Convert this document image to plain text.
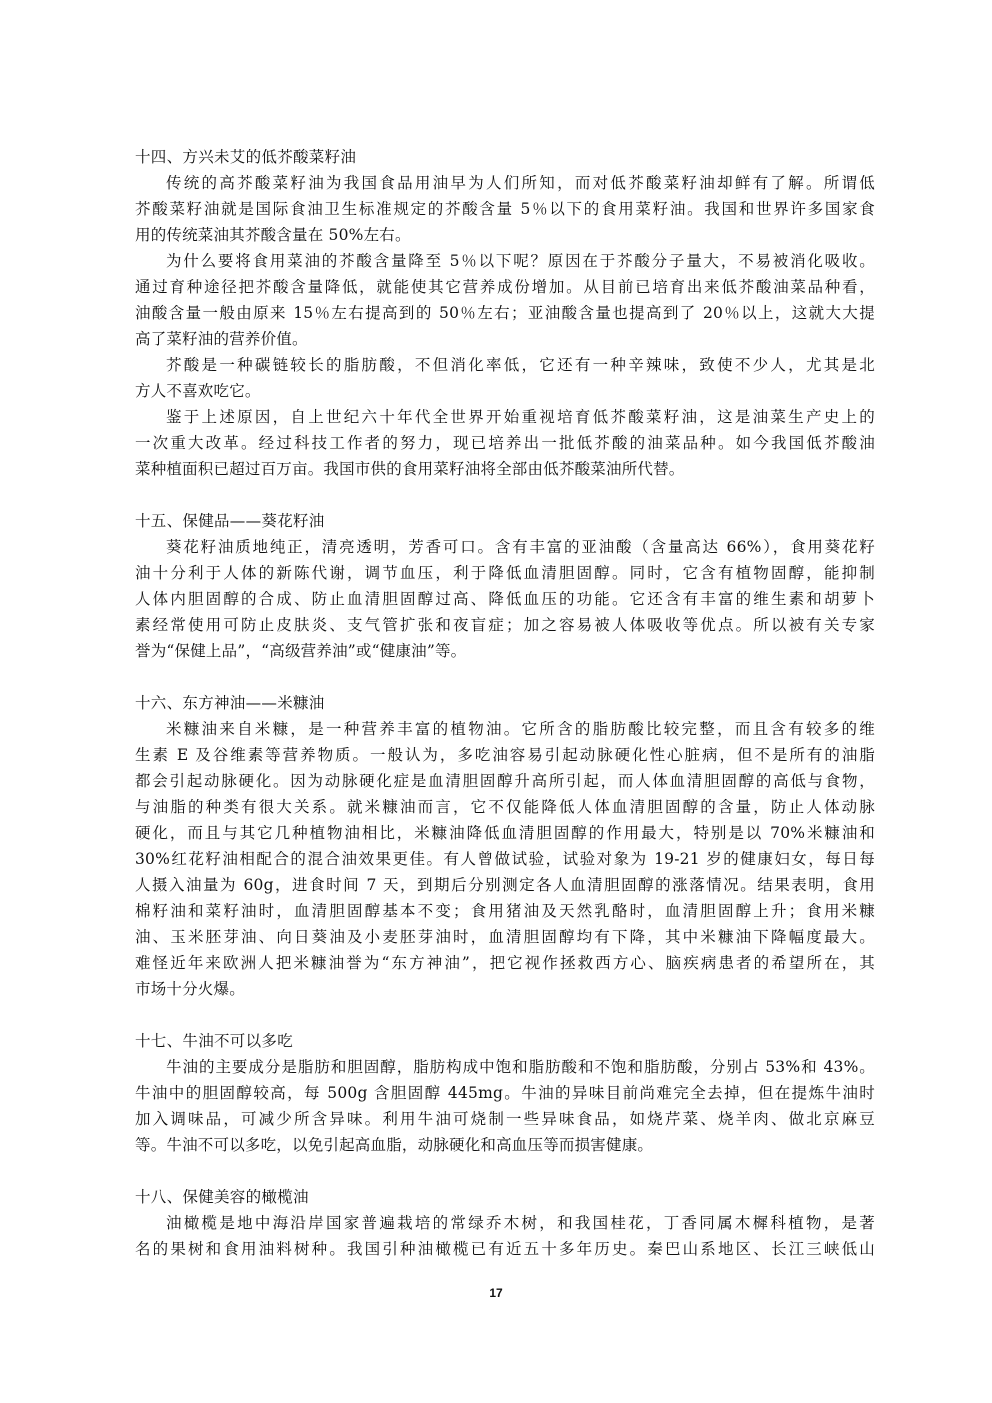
十四、方兴未艾的低芥酸菜籽油
传统的高芥酸菜籽油为我国食品用油早为人们所知，而对低芥酸菜籽油却鲜有了解。所谓低
芥酸菜籽油就是国际食油卫生标准规定的芥酸含量 5％以下的食用菜籽油。我国和世界许多国家食
用的传统菜油其芥酸含量在 50%左右。
为什么要将食用菜油的芥酸含量降至 5％以下呢？原因在于芥酸分子量大，不易被消化吸收。
通过育种途径把芥酸含量降低，就能使其它营养成份增加。从目前已培育出来低芥酸油菜品种看，
油酸含量一般由原来 15％左右提高到的 50％左右；亚油酸含量也提高到了 20％以上，这就大大提
高了菜籽油的营养价值。
芥酸是一种碳链较长的脂肪酸，不但消化率低，它还有一种辛辣味，致使不少人，尤其是北
方人不喜欢吃它。
鉴于上述原因，自上世纪六十年代全世界开始重视培育低芥酸菜籽油，这是油菜生产史上的
一次重大改革。经过科技工作者的努力，现已培养出一批低芥酸的油菜品种。如今我国低芥酸油
菜种植面积已超过百万亩。我国市供的食用菜籽油将全部由低芥酸菜油所代替。
十五、保健品——葵花籽油
葵花籽油质地纯正，清亮透明，芳香可口。含有丰富的亚油酸（含量高达 66%），食用葵花籽
油十分利于人体的新陈代谢，调节血压，利于降低血清胆固醇。同时，它含有植物固醇，能抑制
人体内胆固醇的合成、防止血清胆固醇过高、降低血压的功能。它还含有丰富的维生素和胡萝卜
素经常使用可防止皮肤炎、支气管扩张和夜盲症；加之容易被人体吸收等优点。所以被有关专家
誉为“保健上品”，“高级营养油”或“健康油”等。
十六、东方神油——米糠油
米糠油来自米糠，是一种营养丰富的植物油。它所含的脂肪酸比较完整，而且含有较多的维
生素 E 及谷维素等营养物质。一般认为，多吃油容易引起动脉硬化性心脏病，但不是所有的油脂
都会引起动脉硬化。因为动脉硬化症是血清胆固醇升高所引起，而人体血清胆固醇的高低与食物，
与油脂的种类有很大关系。就米糠油而言，它不仅能降低人体血清胆固醇的含量，防止人体动脉
硬化，而且与其它几种植物油相比，米糠油降低血清胆固醇的作用最大，特别是以 70%米糠油和
30%红花籽油相配合的混合油效果更佳。有人曾做试验，试验对象为 19-21 岁的健康妇女，每日每
人摄入油量为 60g，进食时间 7 天，到期后分别测定各人血清胆固醇的涨落情况。结果表明，食用
棉籽油和菜籽油时，血清胆固醇基本不变；食用猪油及天然乳酪时，血清胆固醇上升；食用米糠
油、玉米胚芽油、向日葵油及小麦胚芽油时，血清胆固醇均有下降，其中米糠油下降幅度最大。
难怪近年来欧洲人把米糠油誉为“东方神油”，把它视作拯救西方心、脑疾病患者的希望所在，其
市场十分火爆。
十七、牛油不可以多吃
牛油的主要成分是脂肪和胆固醇，脂肪构成中饱和脂肪酸和不饱和脂肪酸，分别占 53%和 43%。
牛油中的胆固醇较高，每 500g 含胆固醇 445mg。牛油的异味目前尚难完全去掉，但在提炼牛油时
加入调味品，可减少所含异味。利用牛油可烧制一些异味食品，如烧芹菜、烧羊肉、做北京麻豆
等。牛油不可以多吃，以免引起高血脂，动脉硬化和高血压等而损害健康。
十八、保健美容的橄榄油
油橄榄是地中海沿岸国家普遍栽培的常绿乔木树，和我国桂花，丁香同属木樨科植物，是著
名的果树和食用油料树种。我国引种油橄榄已有近五十多年历史。秦巴山系地区、长江三峡低山
17
